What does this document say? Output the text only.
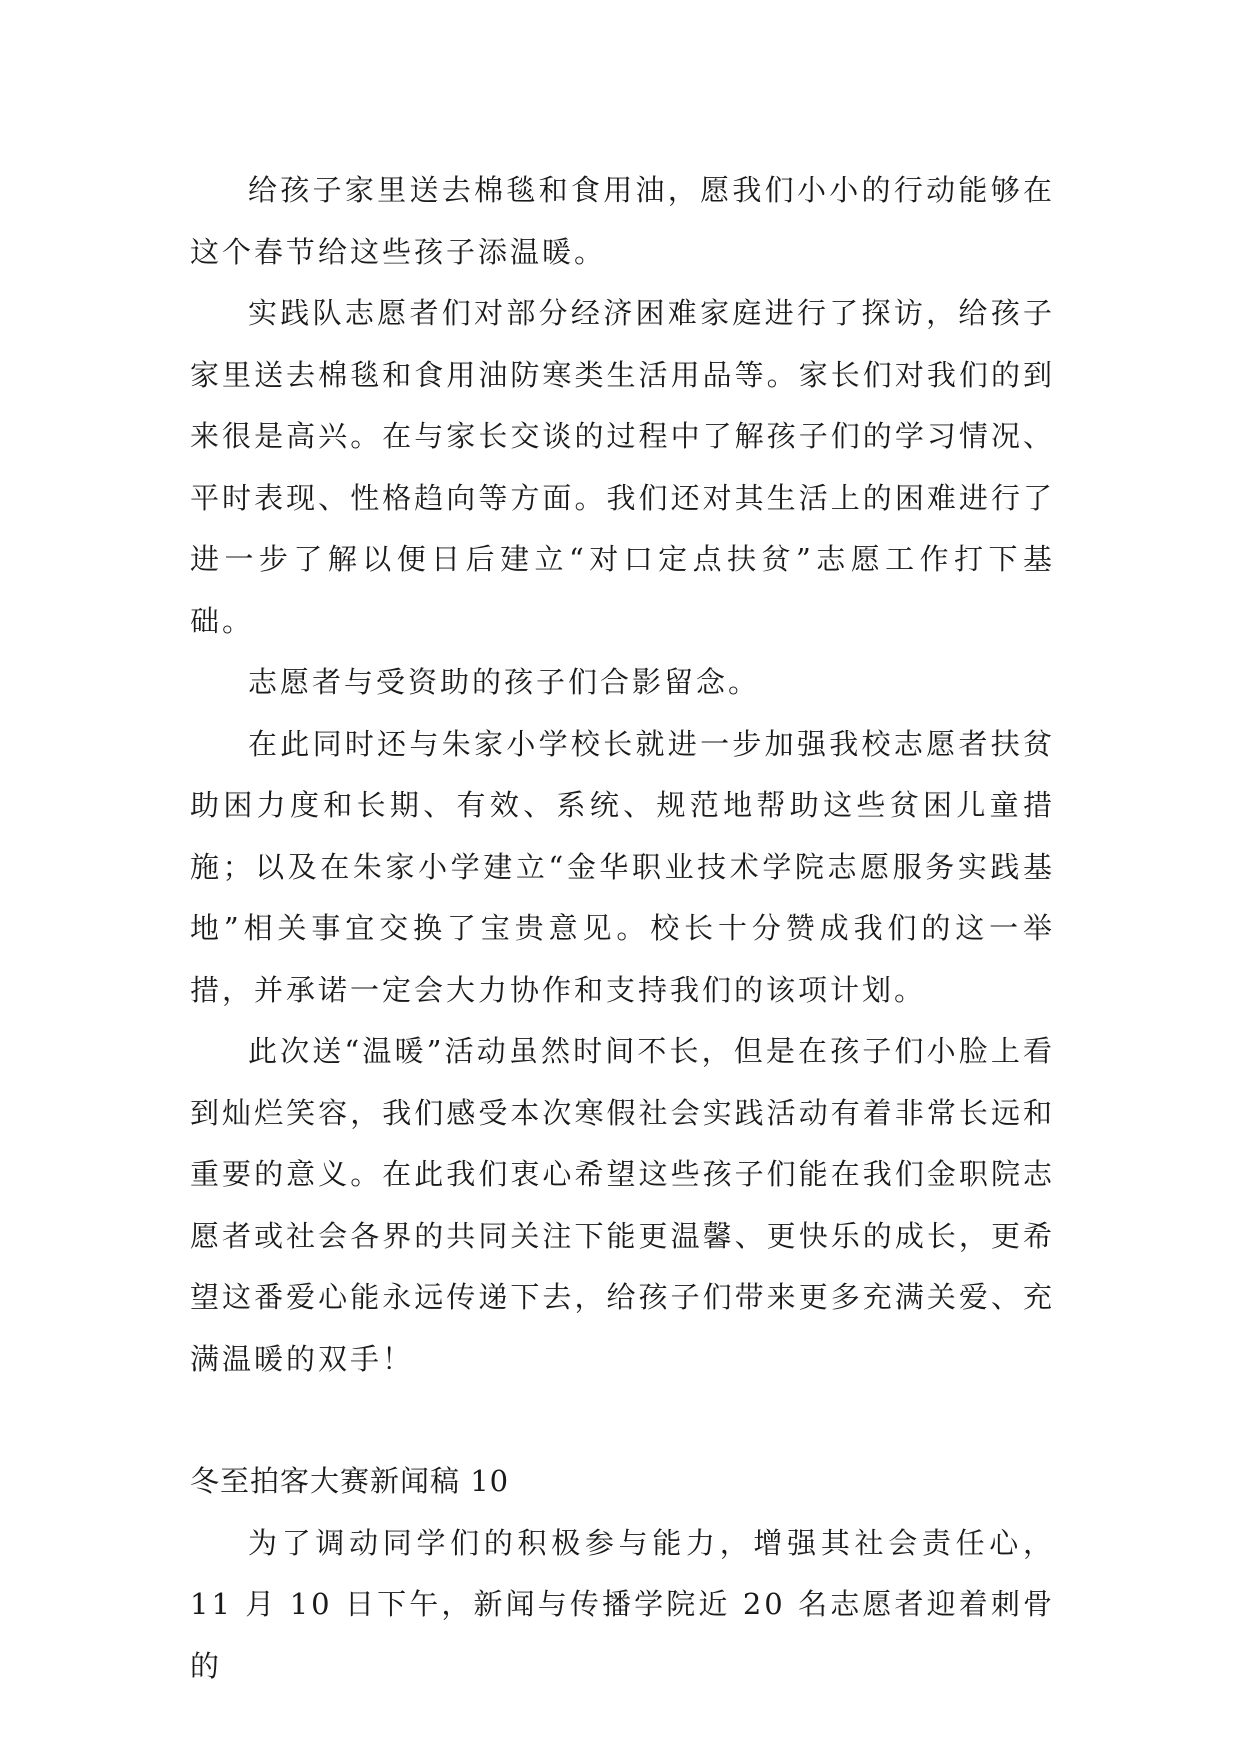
给孩子家里送去棉毯和食用油，愿我们小小的行动能够在这个春节给这些孩子添温暖。

实践队志愿者们对部分经济困难家庭进行了探访，给孩子家里送去棉毯和食用油防寒类生活用品等。家长们对我们的到来很是高兴。在与家长交谈的过程中了解孩子们的学习情况、平时表现、性格趋向等方面。我们还对其生活上的困难进行了进一步了解以便日后建立“对口定点扶贫”志愿工作打下基础。

志愿者与受资助的孩子们合影留念。

在此同时还与朱家小学校长就进一步加强我校志愿者扶贫助困力度和长期、有效、系统、规范地帮助这些贫困儿童措施；以及在朱家小学建立“金华职业技术学院志愿服务实践基地”相关事宜交换了宝贵意见。校长十分赞成我们的这一举措，并承诺一定会大力协作和支持我们的该项计划。

此次送“温暖”活动虽然时间不长，但是在孩子们小脸上看到灿烂笑容，我们感受本次寒假社会实践活动有着非常长远和重要的意义。在此我们衷心希望这些孩子们能在我们金职院志愿者或社会各界的共同关注下能更温馨、更快乐的成长，更希望这番爱心能永远传递下去，给孩子们带来更多充满关爱、充满温暖的双手！

冬至拍客大赛新闻稿 10

为了调动同学们的积极参与能力，增强其社会责任心，11 月 10 日下午，新闻与传播学院近 20 名志愿者迎着刺骨的
